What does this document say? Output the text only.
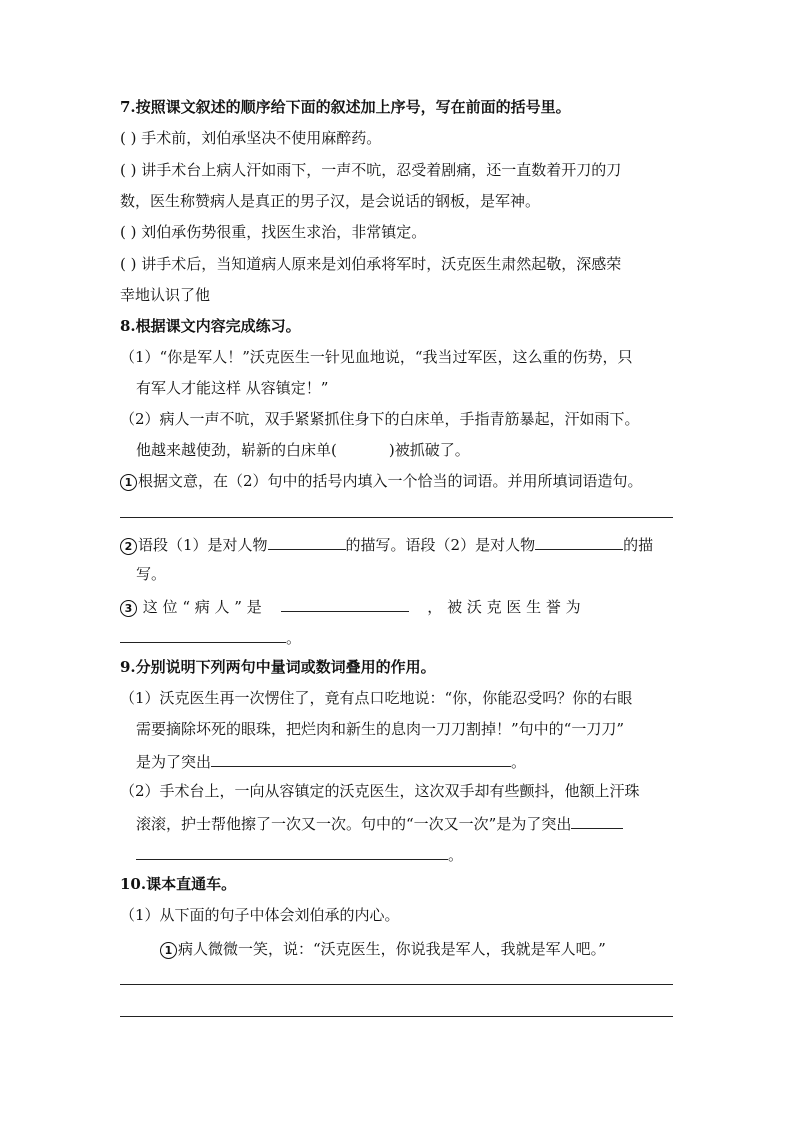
7.按照课文叙述的顺序给下面的叙述加上序号，写在前面的括号里。
( ) 手术前，刘伯承坚决不使用麻醉药。
( ) 讲手术台上病人汗如雨下，一声不吭，忍受着剧痛，还一直数着开刀的刀
数，医生称赞病人是真正的男子汉，是会说话的钢板，是军神。
( ) 刘伯承伤势很重，找医生求治，非常镇定。
( ) 讲手术后，当知道病人原来是刘伯承将军时，沃克医生肃然起敬，深感荣
幸地认识了他
8.根据课文内容完成练习。
（1）“你是军人！”沃克医生一针见血地说，“我当过军医，这么重的伤势，只
有军人才能这样 从容镇定！”
（2）病人一声不吭，双手紧紧抓住身下的白床单，手指青筋暴起，汗如雨下。
他越来越使劲，崭新的白床单(	)被抓破了。
1 根据文意，在（2）句中的括号内填入一个恰当的词语。并用所填词语造句。
2 语段（1）是对人物	的描写。语段（2）是对人物	的描
写。
3 这 位 “ 病 人 ” 是	， 被 沃 克 医 生 誉 为
。
9.分别说明下列两句中量词或数词叠用的作用。
（1）沃克医生再一次愣住了，竟有点口吃地说：“你，你能忍受吗？你的右眼
需要摘除坏死的眼珠，把烂肉和新生的息肉一刀刀割掉！”句中的“一刀刀”
是为了突出	。
（2）手术台上，一向从容镇定的沃克医生，这次双手却有些颤抖，他额上汗珠
滚滚，护士帮他擦了一次又一次。句中的“一次又一次”是为了突出
。
10.课本直通车。
（1）从下面的句子中体会刘伯承的内心。
1 病人微微一笑，说：“沃克医生，你说我是军人，我就是军人吧。”
